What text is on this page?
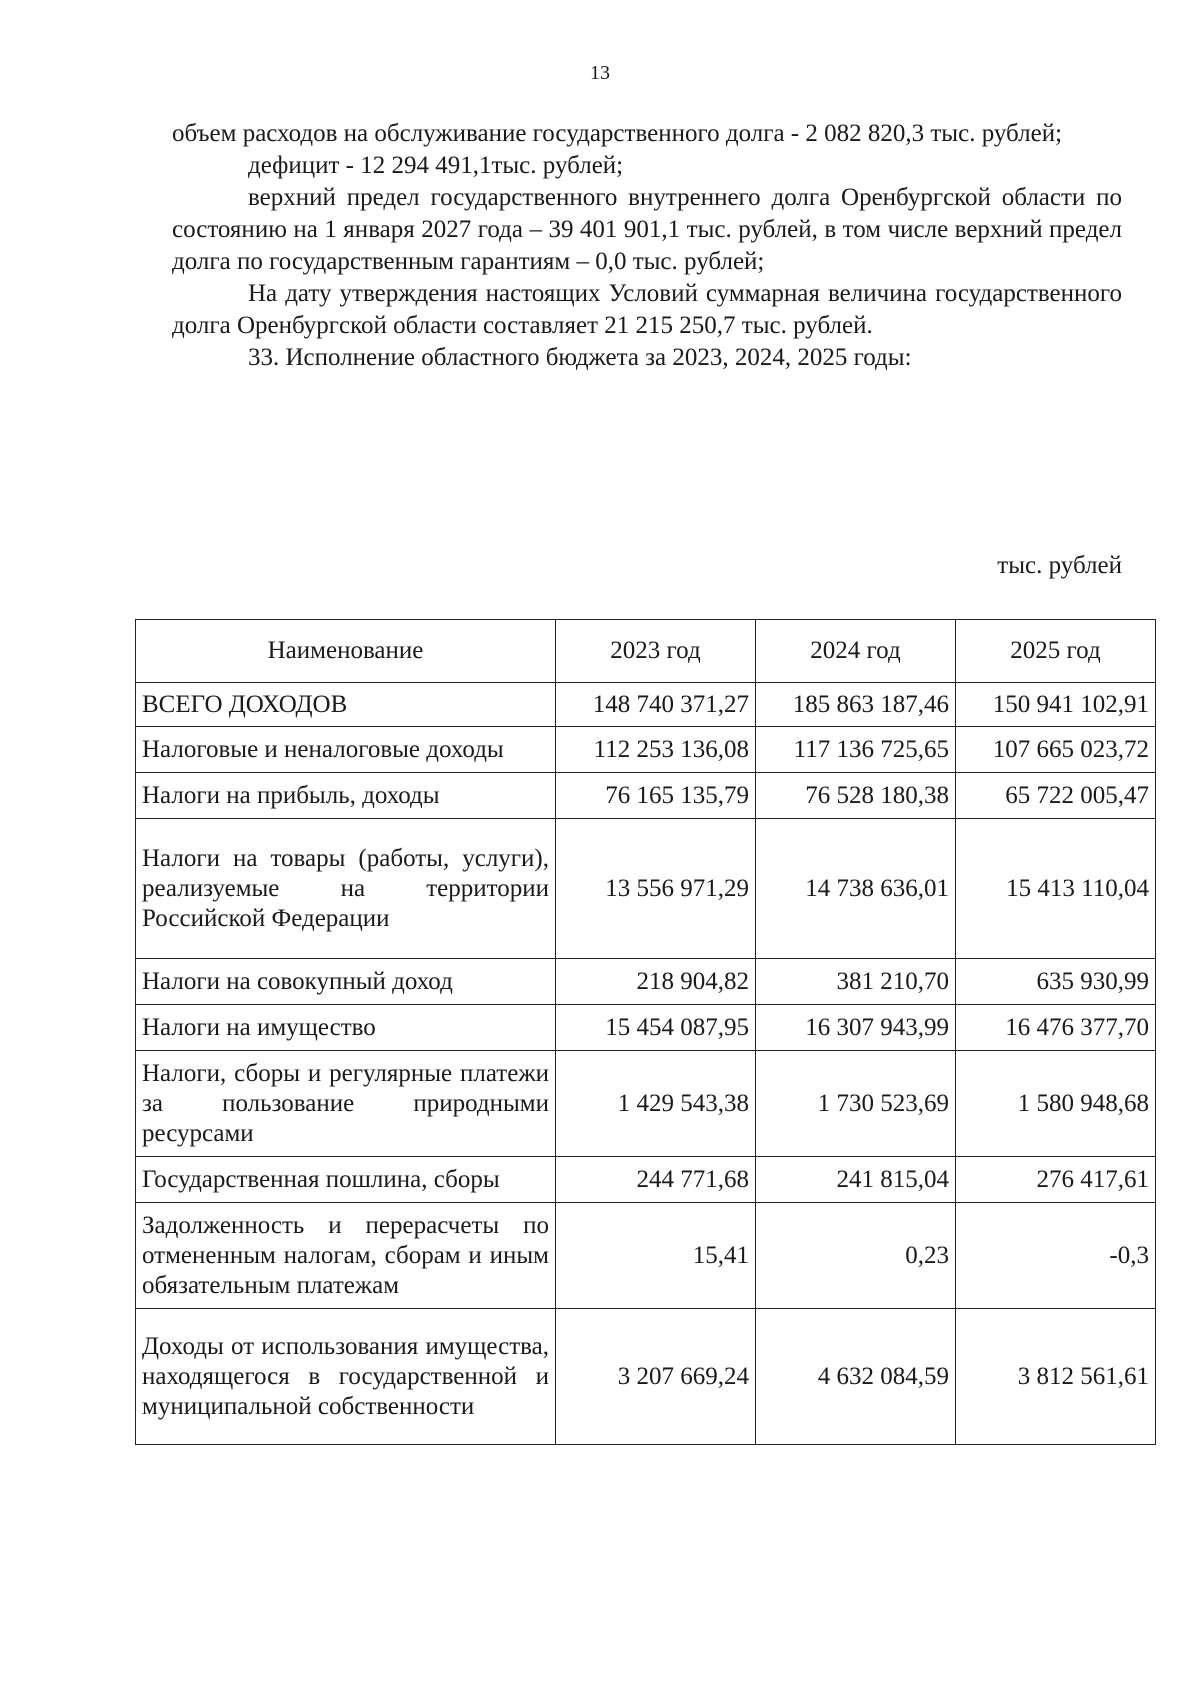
13

объем расходов на обслуживание государственного долга - 2 082 820,3 тыс. рублей;

дефицит - 12 294 491,1тыс. рублей;

верхний предел государственного внутреннего долга Оренбургской области по состоянию на 1 января 2027 года – 39 401 901,1 тыс. рублей, в том числе верхний предел долга по государственным гарантиям – 0,0 тыс. рублей;

На дату утверждения настоящих Условий суммарная величина государственного долга Оренбургской области составляет 21 215 250,7 тыс. рублей.

33. Исполнение областного бюджета за 2023, 2024, 2025 годы:

тыс. рублей
Наименование	2023 год	2024 год	2025 год
ВСЕГО ДОХОДОВ	148 740 371,27	185 863 187,46	150 941 102,91
Налоговые и неналоговые доходы	112 253 136,08	117 136 725,65	107 665 023,72
Налоги на прибыль, доходы	76 165 135,79	76 528 180,38	65 722 005,47
Налоги на товары (работы, услуги), реализуемые на территории Российской Федерации	13 556 971,29	14 738 636,01	15 413 110,04
Налоги на совокупный доход	218 904,82	381 210,70	635 930,99
Налоги на имущество	15 454 087,95	16 307 943,99	16 476 377,70
Налоги, сборы и регулярные платежи за пользование природными ресурсами	1 429 543,38	1 730 523,69	1 580 948,68
Государственная пошлина, сборы	244 771,68	241 815,04	276 417,61
Задолженность и перерасчеты по отмененным налогам, сборам и иным обязательным платежам	15,41	0,23	-0,3
Доходы от использования имущества, находящегося в государственной и муниципальной собственности	3 207 669,24	4 632 084,59	3 812 561,61
